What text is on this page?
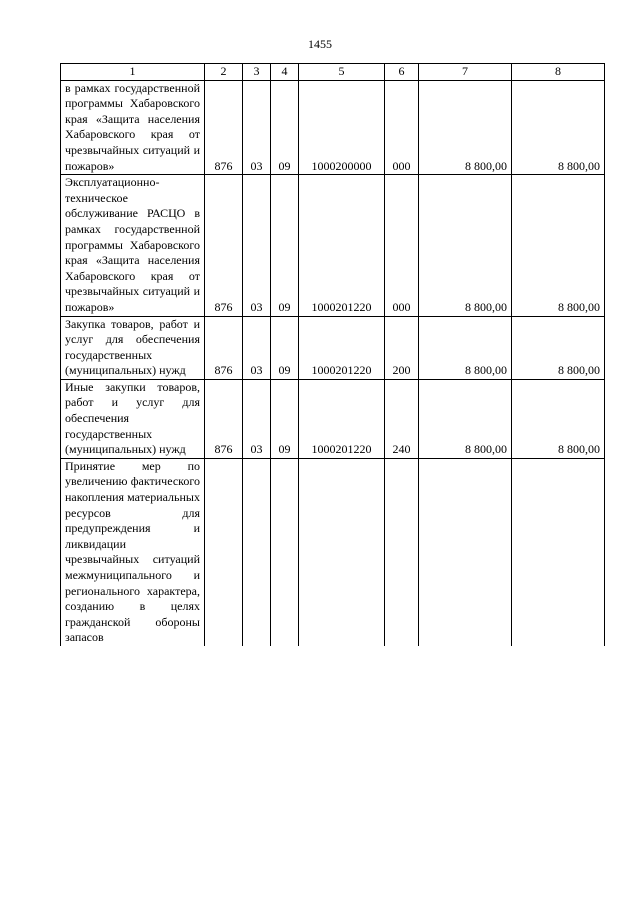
1455
1	2	3	4	5	6	7	8
в рамках государственной программы Хабаровского края «Защита населения Хабаровского края от чрезвычайных ситуаций и пожаров»	876	03	09	1000200000	000	8 800,00	8 800,00
Эксплуатационно-техническое обслуживание РАСЦО в рамках государственной программы Хабаровского края «Защита населения Хабаровского края от чрезвычайных ситуаций и пожаров»	876	03	09	1000201220	000	8 800,00	8 800,00
Закупка товаров, работ и услуг для обеспечения государственных (муниципальных) нужд	876	03	09	1000201220	200	8 800,00	8 800,00
Иные закупки товаров, работ и услуг для обеспечения государственных (муниципальных) нужд	876	03	09	1000201220	240	8 800,00	8 800,00
Принятие мер по увеличению фактического накопления материальных ресурсов для предупреждения и ликвидации чрезвычайных ситуаций межмуниципального и регионального характера, созданию в целях гражданской обороны запасов							
